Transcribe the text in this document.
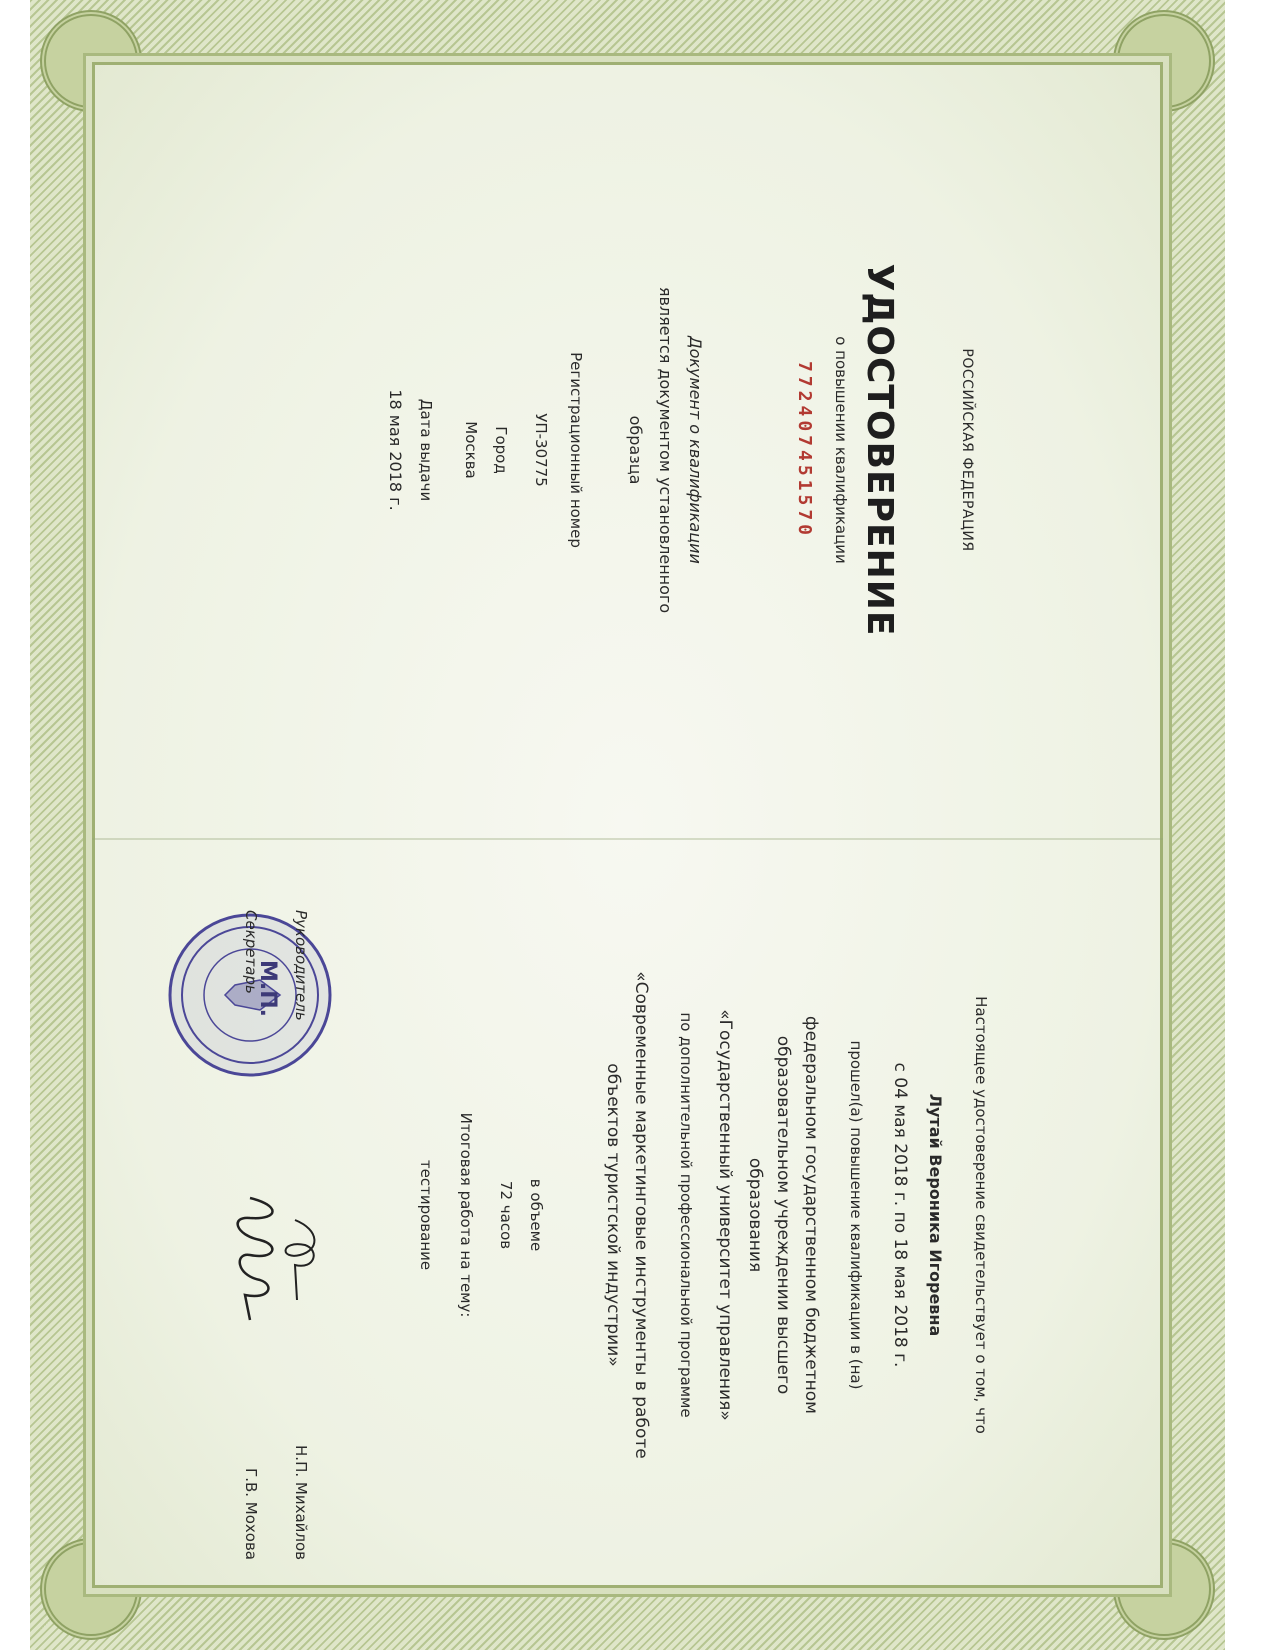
РОССИЙСКАЯ ФЕДЕРАЦИЯ
УДОСТОВЕРЕНИЕ
о повышении квалификации
772407451570
Документ о квалификации
является документом установленного
образца
Регистрационный номер
УП-30775
Город
Москва
Дата выдачи
18 мая 2018 г.
Настоящее удостоверение свидетельствует о том, что
Лутай Вероника Игоревна
с 04 мая 2018 г. по 18 мая 2018 г.
прошел(а) повышение квалификации в (на)
федеральном государственном бюджетном
образовательном учреждении высшего
образования
«Государственный университет управления»
по дополнительной профессиональной программе
«Современные маркетинговые инструменты в работе
объектов туристской индустрии»
в объеме
72 часов
Итоговая работа на тему:
тестирование
М.П. Руководитель
Н.П. Михайлов
Секретарь
Г.В. Мохова
